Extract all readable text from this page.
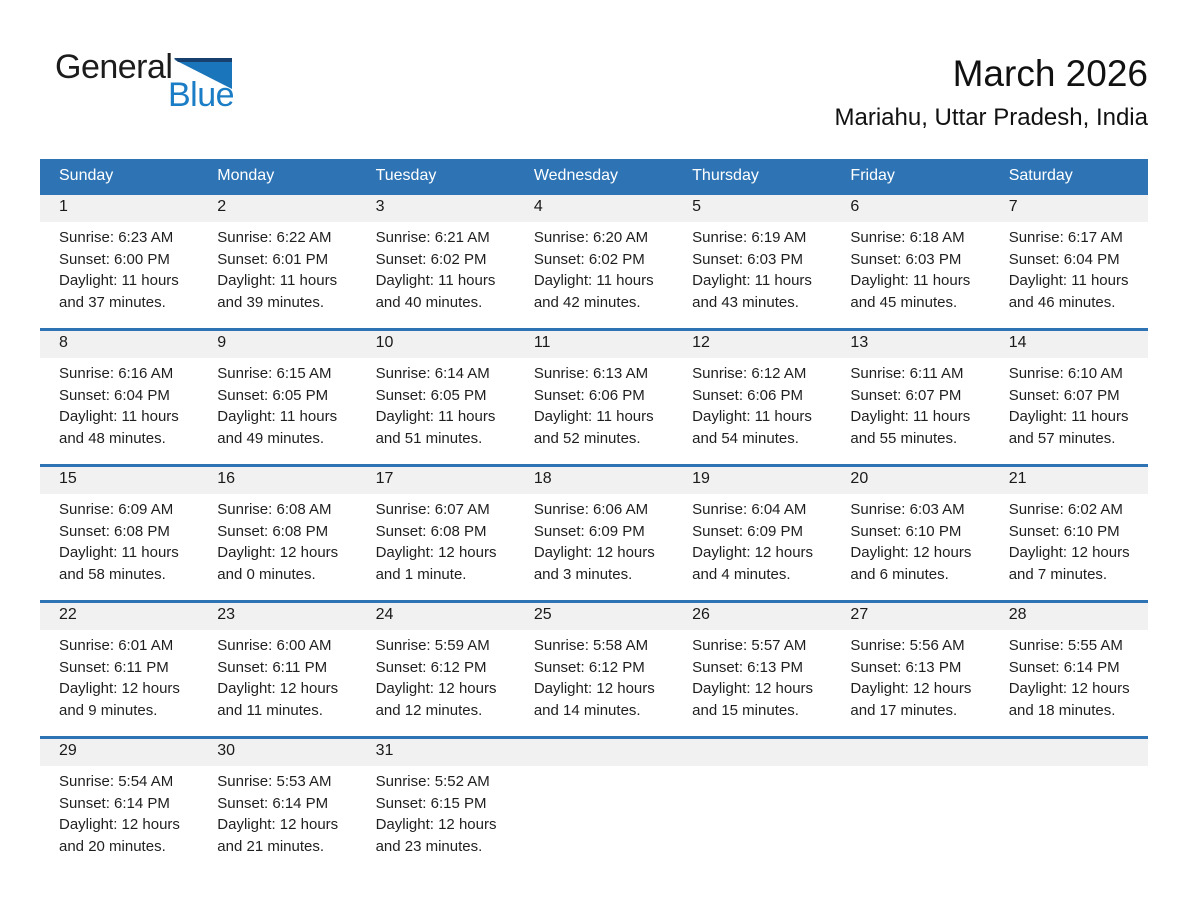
General
Blue
March 2026
Mariahu, Uttar Pradesh, India
Sunday	Monday	Tuesday	Wednesday	Thursday	Friday	Saturday
1	2	3	4	5	6	7
Sunrise: 6:23 AM
Sunset: 6:00 PM
Daylight: 11 hours
and 37 minutes.
Sunrise: 6:22 AM
Sunset: 6:01 PM
Daylight: 11 hours
and 39 minutes.
Sunrise: 6:21 AM
Sunset: 6:02 PM
Daylight: 11 hours
and 40 minutes.
Sunrise: 6:20 AM
Sunset: 6:02 PM
Daylight: 11 hours
and 42 minutes.
Sunrise: 6:19 AM
Sunset: 6:03 PM
Daylight: 11 hours
and 43 minutes.
Sunrise: 6:18 AM
Sunset: 6:03 PM
Daylight: 11 hours
and 45 minutes.
Sunrise: 6:17 AM
Sunset: 6:04 PM
Daylight: 11 hours
and 46 minutes.
8	9	10	11	12	13	14
Sunrise: 6:16 AM
Sunset: 6:04 PM
Daylight: 11 hours
and 48 minutes.
Sunrise: 6:15 AM
Sunset: 6:05 PM
Daylight: 11 hours
and 49 minutes.
Sunrise: 6:14 AM
Sunset: 6:05 PM
Daylight: 11 hours
and 51 minutes.
Sunrise: 6:13 AM
Sunset: 6:06 PM
Daylight: 11 hours
and 52 minutes.
Sunrise: 6:12 AM
Sunset: 6:06 PM
Daylight: 11 hours
and 54 minutes.
Sunrise: 6:11 AM
Sunset: 6:07 PM
Daylight: 11 hours
and 55 minutes.
Sunrise: 6:10 AM
Sunset: 6:07 PM
Daylight: 11 hours
and 57 minutes.
15	16	17	18	19	20	21
Sunrise: 6:09 AM
Sunset: 6:08 PM
Daylight: 11 hours
and 58 minutes.
Sunrise: 6:08 AM
Sunset: 6:08 PM
Daylight: 12 hours
and 0 minutes.
Sunrise: 6:07 AM
Sunset: 6:08 PM
Daylight: 12 hours
and 1 minute.
Sunrise: 6:06 AM
Sunset: 6:09 PM
Daylight: 12 hours
and 3 minutes.
Sunrise: 6:04 AM
Sunset: 6:09 PM
Daylight: 12 hours
and 4 minutes.
Sunrise: 6:03 AM
Sunset: 6:10 PM
Daylight: 12 hours
and 6 minutes.
Sunrise: 6:02 AM
Sunset: 6:10 PM
Daylight: 12 hours
and 7 minutes.
22	23	24	25	26	27	28
Sunrise: 6:01 AM
Sunset: 6:11 PM
Daylight: 12 hours
and 9 minutes.
Sunrise: 6:00 AM
Sunset: 6:11 PM
Daylight: 12 hours
and 11 minutes.
Sunrise: 5:59 AM
Sunset: 6:12 PM
Daylight: 12 hours
and 12 minutes.
Sunrise: 5:58 AM
Sunset: 6:12 PM
Daylight: 12 hours
and 14 minutes.
Sunrise: 5:57 AM
Sunset: 6:13 PM
Daylight: 12 hours
and 15 minutes.
Sunrise: 5:56 AM
Sunset: 6:13 PM
Daylight: 12 hours
and 17 minutes.
Sunrise: 5:55 AM
Sunset: 6:14 PM
Daylight: 12 hours
and 18 minutes.
29	30	31
Sunrise: 5:54 AM
Sunset: 6:14 PM
Daylight: 12 hours
and 20 minutes.
Sunrise: 5:53 AM
Sunset: 6:14 PM
Daylight: 12 hours
and 21 minutes.
Sunrise: 5:52 AM
Sunset: 6:15 PM
Daylight: 12 hours
and 23 minutes.
